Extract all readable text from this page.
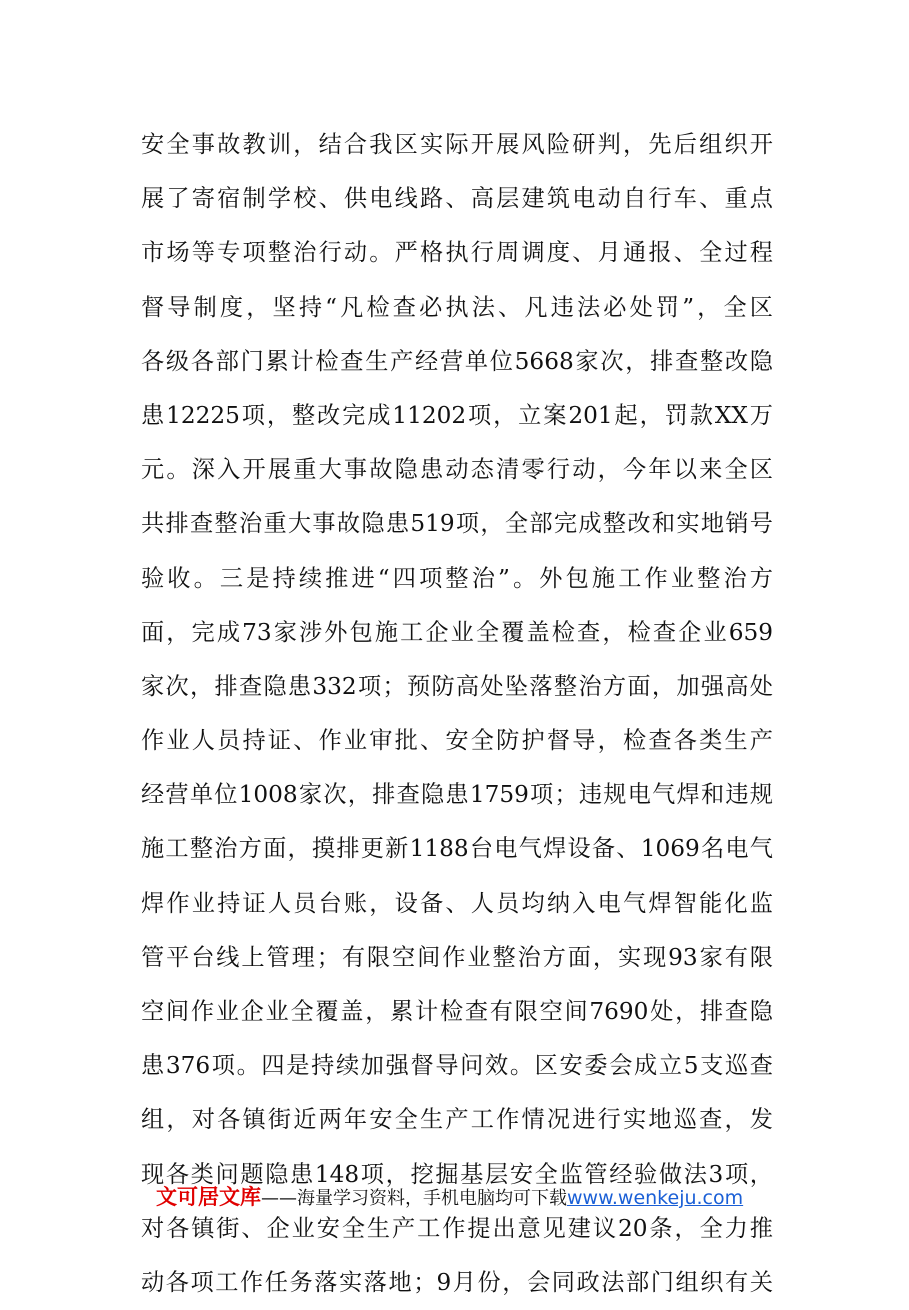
安全事故教训，结合我区实际开展风险研判，先后组织开
展了寄宿制学校、供电线路、高层建筑电动自行车、重点
市场等专项整治行动。严格执行周调度、月通报、全过程
督导制度，坚持“凡检查必执法、凡违法必处罚”，全区
各级各部门累计检查生产经营单位5668家次，排查整改隐
患12225项，整改完成11202项，立案201起，罚款XX万
元。深入开展重大事故隐患动态清零行动，今年以来全区
共排查整治重大事故隐患519项，全部完成整改和实地销号
验收。三是持续推进“四项整治”。外包施工作业整治方
面，完成73家涉外包施工企业全覆盖检查，检查企业659
家次，排查隐患332项；预防高处坠落整治方面，加强高处
作业人员持证、作业审批、安全防护督导，检查各类生产
经营单位1008家次，排查隐患1759项；违规电气焊和违规
施工整治方面，摸排更新1188台电气焊设备、1069名电气
焊作业持证人员台账，设备、人员均纳入电气焊智能化监
管平台线上管理；有限空间作业整治方面，实现93家有限
空间作业企业全覆盖，累计检查有限空间7690处，排查隐
患376项。四是持续加强督导问效。区安委会成立5支巡查
组，对各镇街近两年安全生产工作情况进行实地巡查，发
现各类问题隐患148项，挖掘基层安全监管经验做法3项，
对各镇街、企业安全生产工作提出意见建议20条，全力推
动各项工作任务落实落地；9月份，会同政法部门组织有关
文可居文库——海量学习资料，手机电脑均可下载www.wenkeju.com
